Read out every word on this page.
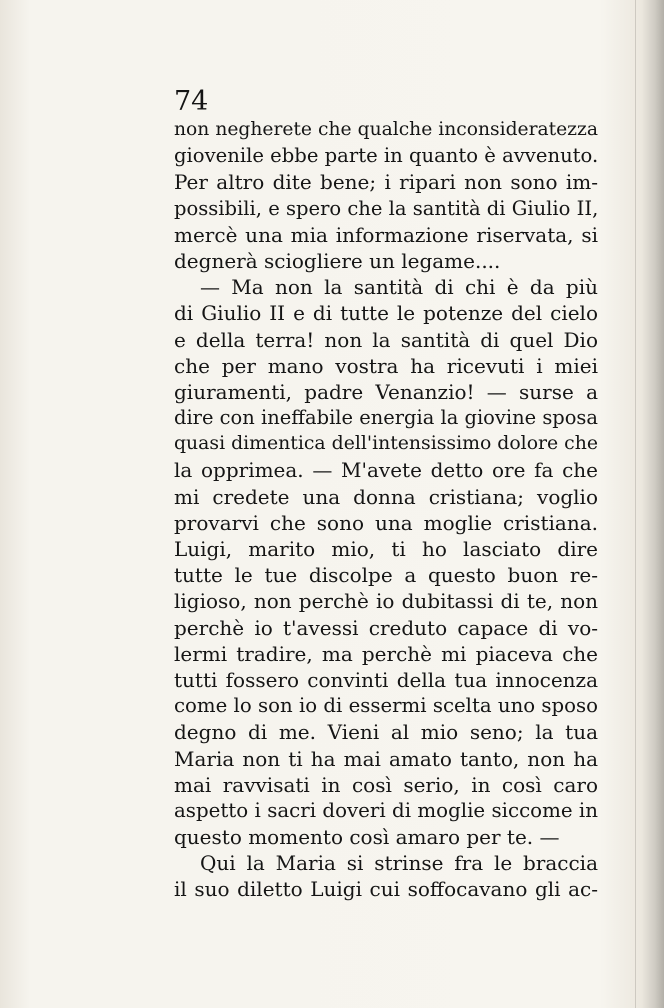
74
non negherete che qualche inconsideratezza
giovenile ebbe parte in quanto è avvenuto.
Per altro dite bene; i ripari non sono im-
possibili, e spero che la santità di Giulio II,
mercè una mia informazione riservata, si
degnerà sciogliere un legame....
— Ma non la santità di chi è da più
di Giulio II e di tutte le potenze del cielo
e della terra! non la santità di quel Dio
che per mano vostra ha ricevuti i miei
giuramenti, padre Venanzio! — surse a
dire con ineffabile energia la giovine sposa
quasi dimentica dell'intensissimo dolore che
la opprimea. — M'avete detto ore fa che
mi credete una donna cristiana; voglio
provarvi che sono una moglie cristiana.
Luigi, marito mio, ti ho lasciato dire
tutte le tue discolpe a questo buon re-
ligioso, non perchè io dubitassi di te, non
perchè io t'avessi creduto capace di vo-
lermi tradire, ma perchè mi piaceva che
tutti fossero convinti della tua innocenza
come lo son io di essermi scelta uno sposo
degno di me. Vieni al mio seno; la tua
Maria non ti ha mai amato tanto, non ha
mai ravvisati in così serio, in così caro
aspetto i sacri doveri di moglie siccome in
questo momento così amaro per te. —
Qui la Maria si strinse fra le braccia
il suo diletto Luigi cui soffocavano gli ac-
